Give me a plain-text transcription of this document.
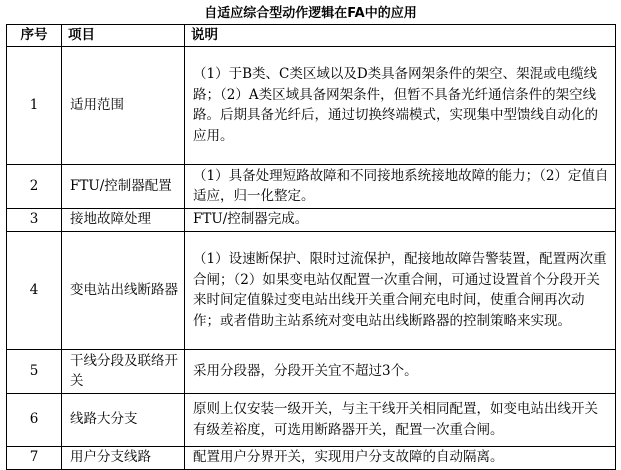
自适应综合型动作逻辑在FA中的应用
序号	项目	说明
1	适用范围	（1）于B类、C类区域以及D类具备网架条件的架空、架混或电缆线路；（2）A类区域具备网架条件，但暂不具备光纤通信条件的架空线路。后期具备光纤后，通过切换终端模式，实现集中型馈线自动化的应用。
2	FTU/控制器配置	（1）具备处理短路故障和不同接地系统接地故障的能力；（2）定值自适应，归一化整定。
3	接地故障处理	FTU/控制器完成。
4	变电站出线断路器	（1）设速断保护、限时过流保护，配接地故障告警装置，配置两次重合闸；（2）如果变电站仅配置一次重合闸，可通过设置首个分段开关来时间定值躲过变电站出线开关重合闸充电时间，使重合闸再次动作；或者借助主站系统对变电站出线断路器的控制策略来实现。
5	干线分段及联络开关	采用分段器，分段开关宜不超过3个。
6	线路大分支	原则上仅安装一级开关，与主干线开关相同配置，如变电站出线开关有级差裕度，可选用断路器开关，配置一次重合闸。
7	用户分支线路	配置用户分界开关，实现用户分支故障的自动隔离。
